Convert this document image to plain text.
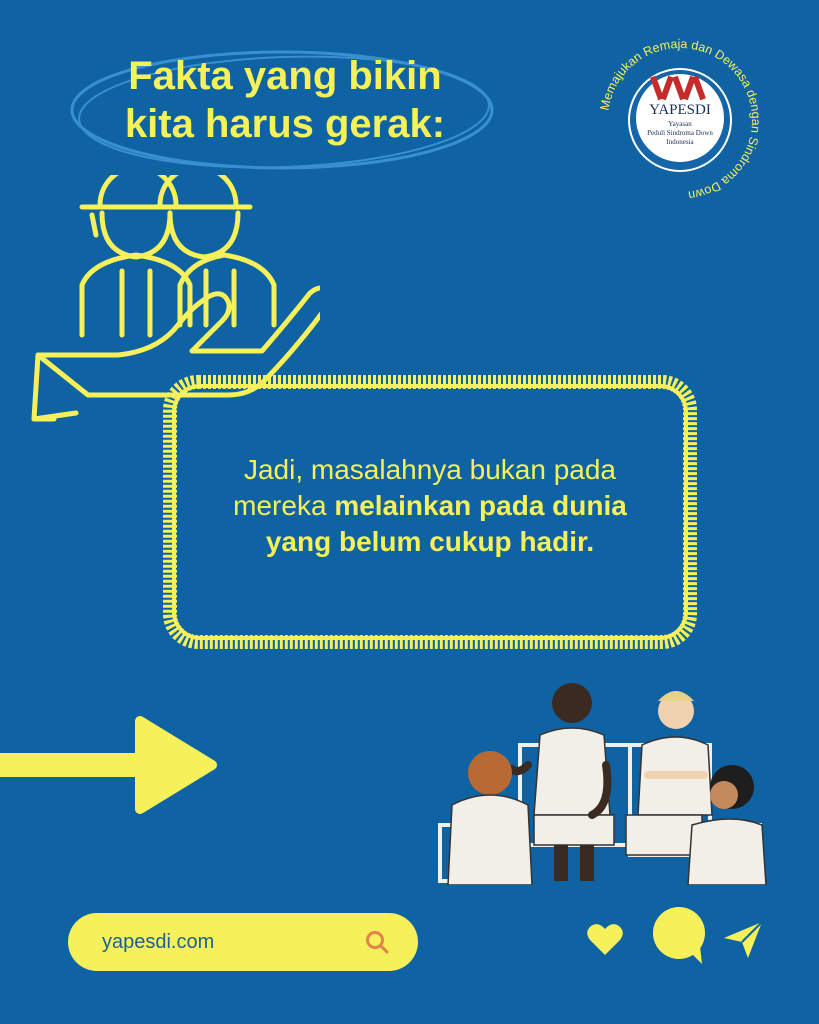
Fakta yang bikin
kita harus gerak:	Memajukan Remaja dan Dewasa dengan Sindroma Down
YAPESDI
Yayasan
Peduli Sindroma Down
Indonesia
Jadi, masalahnya bukan pada mereka melainkan pada dunia yang belum cukup hadir.
yapesdi.com
